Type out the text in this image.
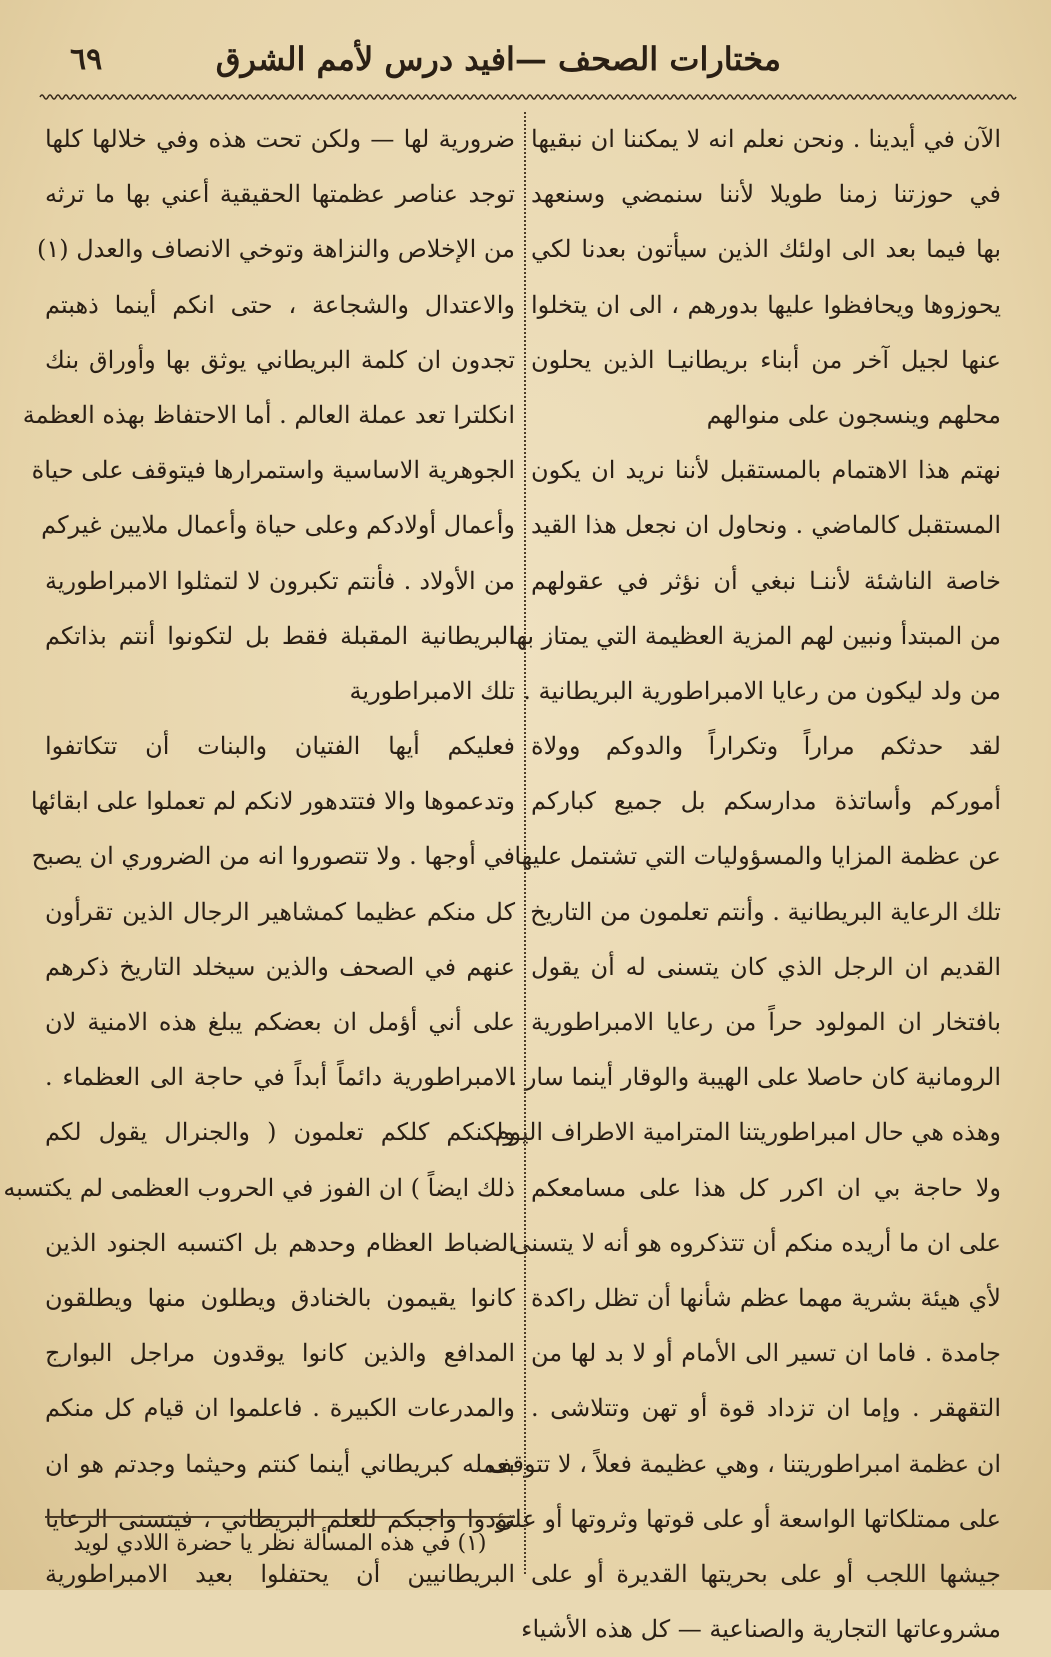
مختارات الصحف —افيد درس لأمم الشرق
٦٩
الآن في أيدينا . ونحن نعلم انه لا يمكننا ان نبقيها
في حوزتنا زمنا طويلا لأننا سنمضي وسنعهد
بها فيما بعد الى اولئك الذين سيأتون بعدنا لكي
يحوزوها ويحافظوا عليها بدورهم ، الى ان يتخلوا
عنها لجيل آخر من أبناء بريطانيـا الذين يحلون
محلهم وينسجون على منوالهم
نهتم هذا الاهتمام بالمستقبل لأننا نريد ان يكون
المستقبل كالماضي . ونحاول ان نجعل هذا القيد
خاصة الناشئة لأننـا نبغي أن نؤثر في عقولهم
من المبتدأ ونبين لهم المزية العظيمة التي يمتاز بها
من ولد ليكون من رعايا الامبراطورية البريطانية .
لقد حدثكم مراراً وتكراراً والدوكم وولاة
أموركم وأساتذة مدارسكم بل جميع كباركم
عن عظمة المزايا والمسؤوليات التي تشتمل عليها
تلك الرعاية البريطانية . وأنتم تعلمون من التاريخ
القديم ان الرجل الذي كان يتسنى له أن يقول
بافتخار ان المولود حراً من رعايا الامبراطورية
الرومانية كان حاصلا على الهيبة والوقار أينما سار .
وهذه هي حال امبراطوريتنا المترامية الاطراف اليوم .
ولا حاجة بي ان اكرر كل هذا على مسامعكم
على ان ما أريده منكم أن تتذكروه هو أنه لا يتسنى
لأي هيئة بشرية مهما عظم شأنها أن تظل راكدة
جامدة . فاما ان تسير الى الأمام أو لا بد لها من
التقهقر . وإما ان تزداد قوة أو تهن وتتلاشى .
ان عظمة امبراطوريتنا ، وهي عظيمة فعلاً ، لا تتوقف
على ممتلكاتها الواسعة أو على قوتها وثروتها أو على
جيشها اللجب أو على بحريتها القديرة أو على
مشروعاتها التجارية والصناعية — كل هذه الأشياء
ضرورية لها — ولكن تحت هذه وفي خلالها كلها
توجد عناصر عظمتها الحقيقية أعني بها ما ترثه
من الإخلاص والنزاهة وتوخي الانصاف والعدل (١)
والاعتدال والشجاعة ، حتى انكم أينما ذهبتم
تجدون ان كلمة البريطاني يوثق بها وأوراق بنك
انكلترا تعد عملة العالم . أما الاحتفاظ بهذه العظمة
الجوهرية الاساسية واستمرارها فيتوقف على حياة
وأعمال أولادكم وعلى حياة وأعمال ملايين غيركم
من الأولاد . فأنتم تكبرون لا لتمثلوا الامبراطورية
البريطانية المقبلة فقط بل لتكونوا أنتم بذاتكم
تلك الامبراطورية
فعليكم أيها الفتيان والبنات أن تتكاتفوا
وتدعموها والا فتتدهور لانكم لم تعملوا على ابقائها
في أوجها . ولا تتصوروا انه من الضروري ان يصبح
كل منكم عظيما كمشاهير الرجال الذين تقرأون
عنهم في الصحف والذين سيخلد التاريخ ذكرهم
على أني أؤمل ان بعضكم يبلغ هذه الامنية لان
الامبراطورية دائماً أبداً في حاجة الى العظماء .
ولكنكم كلكم تعلمون ( والجنرال يقول لكم
ذلك ايضاً ) ان الفوز في الحروب العظمى لم يكتسبه
الضباط العظام وحدهم بل اكتسبه الجنود الذين
كانوا يقيمون بالخنادق ويطلون منها ويطلقون
المدافع والذين كانوا يوقدون مراجل البوارج
والمدرعات الكبيرة . فاعلموا ان قيام كل منكم
بعمله كبريطاني أينما كنتم وحيثما وجدتم هو ان
تؤدوا واجبكم للعلم البريطاني ، فيتسنى الرعايا
البريطانيين أن يحتفلوا بعيد الامبراطورية
(١) في هذه المسألة نظر يا حضرة اللادي لويد
